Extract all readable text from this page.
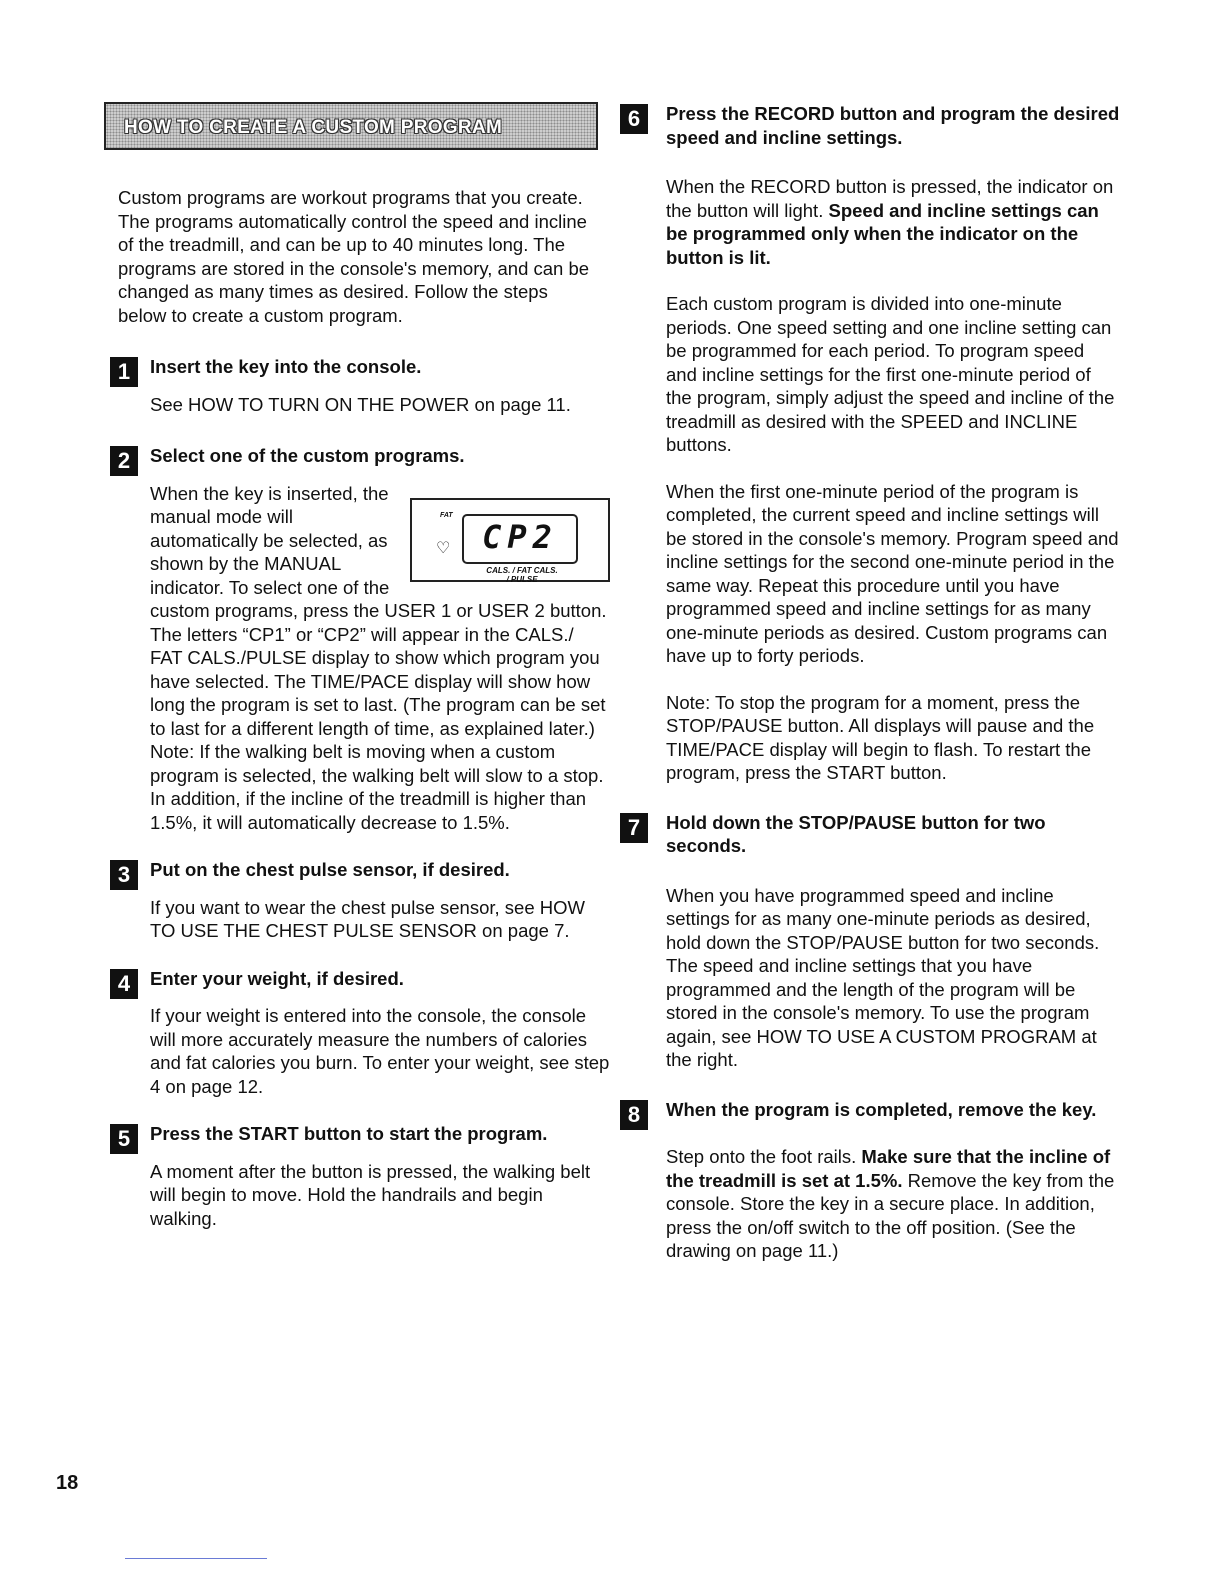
HOW TO CREATE A CUSTOM PROGRAM

Custom programs are workout programs that you create. The programs automatically control the speed and incline of the treadmill, and can be up to 40 minutes long. The programs are stored in the console's memory, and can be changed as many times as desired. Follow the steps below to create a custom program.

1	Insert the key into the console.

See HOW TO TURN ON THE POWER on page 11.

2	Select one of the custom programs.
FAT
♡ CP2
CALS. / FAT CALS.
/ PULSE

When the key is inserted, the manual mode will automatically be selected, as shown by the MANUAL indicator. To select one of the custom programs, press the USER 1 or USER 2 button. The letters “CP1” or “CP2” will appear in the CALS./ FAT CALS./PULSE display to show which program you have selected. The TIME/PACE display will show how long the program is set to last. (The program can be set to last for a different length of time, as explained later.) Note: If the walking belt is moving when a custom program is selected, the walking belt will slow to a stop. In addition, if the incline of the treadmill is higher than 1.5%, it will automatically decrease to 1.5%.

3	Put on the chest pulse sensor, if desired.

If you want to wear the chest pulse sensor, see HOW TO USE THE CHEST PULSE SENSOR on page 7.

4	Enter your weight, if desired.

If your weight is entered into the console, the console will more accurately measure the numbers of calories and fat calories you burn. To enter your weight, see step 4 on page 12.

5	Press the START button to start the program.

A moment after the button is pressed, the walking belt will begin to move. Hold the handrails and begin walking.

6	Press the RECORD button and program the desired speed and incline settings.

When the RECORD button is pressed, the indicator on the button will light. Speed and incline settings can be programmed only when the indicator on the button is lit.

Each custom program is divided into one-minute periods. One speed setting and one incline setting can be programmed for each period. To program speed and incline settings for the first one-minute period of the program, simply adjust the speed and incline of the treadmill as desired with the SPEED and INCLINE buttons.

When the first one-minute period of the program is completed, the current speed and incline settings will be stored in the console's memory. Program speed and incline settings for the second one-minute period in the same way. Repeat this procedure until you have programmed speed and incline settings for as many one-minute periods as desired. Custom programs can have up to forty periods.

Note: To stop the program for a moment, press the STOP/PAUSE button. All displays will pause and the TIME/PACE display will begin to flash. To restart the program, press the START button.

7	Hold down the STOP/PAUSE button for two seconds.

When you have programmed speed and incline settings for as many one-minute periods as desired, hold down the STOP/PAUSE button for two seconds. The speed and incline settings that you have programmed and the length of the program will be stored in the console's memory. To use the program again, see HOW TO USE A CUSTOM PROGRAM at the right.

8	When the program is completed, remove the key.

Step onto the foot rails. Make sure that the incline of the treadmill is set at 1.5%. Remove the key from the console. Store the key in a secure place. In addition, press the on/off switch to the off position. (See the drawing on page 11.)

18
